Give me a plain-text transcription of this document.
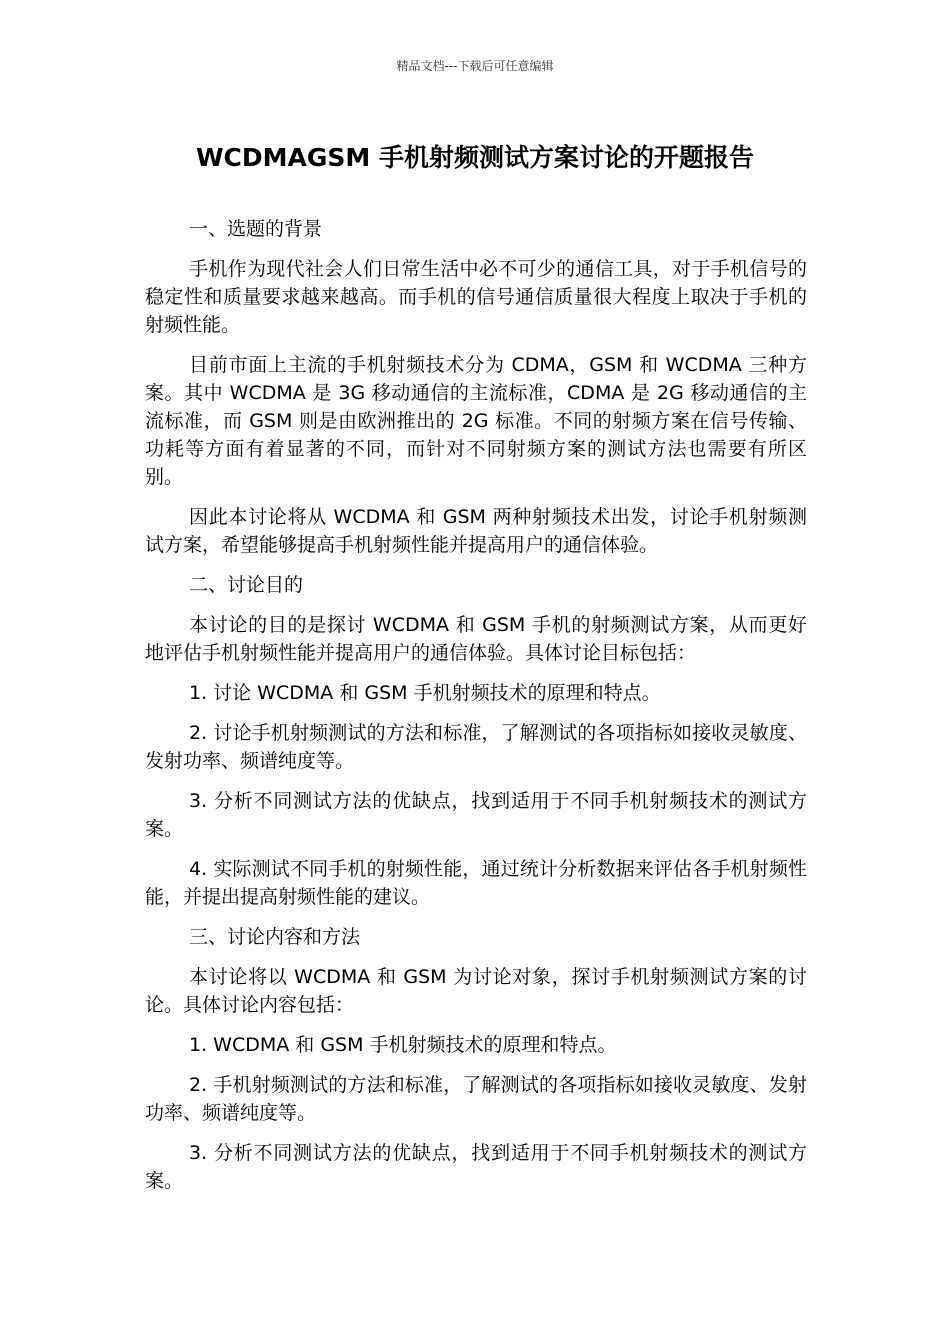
精品文档---下载后可任意编辑
WCDMAGSM 手机射频测试方案讨论的开题报告

一、选题的背景

手机作为现代社会人们日常生活中必不可少的通信工具，对于手机信号的稳定性和质量要求越来越高。而手机的信号通信质量很大程度上取决于手机的射频性能。

目前市面上主流的手机射频技术分为 CDMA，GSM 和 WCDMA 三种方案。其中 WCDMA 是 3G 移动通信的主流标准，CDMA 是 2G 移动通信的主流标准，而 GSM 则是由欧洲推出的 2G 标准。不同的射频方案在信号传输、功耗等方面有着显著的不同，而针对不同射频方案的测试方法也需要有所区别。

因此本讨论将从 WCDMA 和 GSM 两种射频技术出发，讨论手机射频测试方案，希望能够提高手机射频性能并提高用户的通信体验。

二、讨论目的

本讨论的目的是探讨 WCDMA 和 GSM 手机的射频测试方案，从而更好地评估手机射频性能并提高用户的通信体验。具体讨论目标包括：

1. 讨论 WCDMA 和 GSM 手机射频技术的原理和特点。

2. 讨论手机射频测试的方法和标准，了解测试的各项指标如接收灵敏度、发射功率、频谱纯度等。

3. 分析不同测试方法的优缺点，找到适用于不同手机射频技术的测试方案。

4. 实际测试不同手机的射频性能，通过统计分析数据来评估各手机射频性能，并提出提高射频性能的建议。

三、讨论内容和方法

本讨论将以 WCDMA 和 GSM 为讨论对象，探讨手机射频测试方案的讨论。具体讨论内容包括：

1. WCDMA 和 GSM 手机射频技术的原理和特点。

2. 手机射频测试的方法和标准，了解测试的各项指标如接收灵敏度、发射功率、频谱纯度等。

3. 分析不同测试方法的优缺点，找到适用于不同手机射频技术的测试方案。
